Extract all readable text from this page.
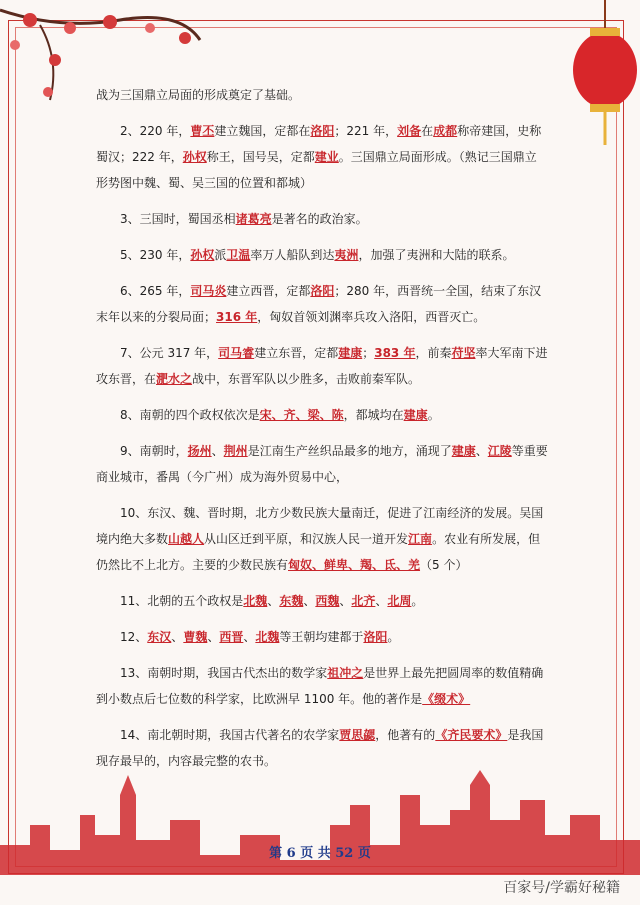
战为三国鼎立局面的形成奠定了基础。

2、220 年，曹丕建立魏国，定都在洛阳；221 年，刘备在成都称帝建国，史称蜀汉；222 年，孙权称王，国号吴，定都建业。三国鼎立局面形成。（熟记三国鼎立形势图中魏、蜀、吴三国的位置和都城）

3、三国时，蜀国丞相诸葛亮是著名的政治家。

5、230 年，孙权派卫温率万人船队到达夷洲，加强了夷洲和大陆的联系。

6、265 年，司马炎建立西晋，定都洛阳；280 年，西晋统一全国，结束了东汉末年以来的分裂局面；316 年，匈奴首领刘渊率兵攻入洛阳，西晋灭亡。

7、公元 317 年，司马睿建立东晋，定都建康；383 年，前秦苻坚率大军南下进攻东晋，在淝水之战中，东晋军队以少胜多，击败前秦军队。

8、南朝的四个政权依次是宋、齐、梁、陈，都城均在建康。

9、南朝时，扬州、荆州是江南生产丝织品最多的地方，涌现了建康、江陵等重要商业城市，番禺（今广州）成为海外贸易中心，

10、东汉、魏、晋时期，北方少数民族大量南迁，促进了江南经济的发展。吴国境内绝大多数山越人从山区迁到平原，和汉族人民一道开发江南。农业有所发展，但仍然比不上北方。主要的少数民族有匈奴、鲜卑、羯、氐、羌（5 个）

11、北朝的五个政权是北魏、东魏、西魏、北齐、北周。

12、东汉、曹魏、西晋、北魏等王朝均建都于洛阳。

13、南朝时期，我国古代杰出的数学家祖冲之是世界上最先把圆周率的数值精确到小数点后七位数的科学家，比欧洲早 1100 年。他的著作是《缀术》

14、南北朝时期，我国古代著名的农学家贾思勰，他著有的《齐民要术》是我国现存最早的，内容最完整的农书。

第 6 页 共 52 页
百家号/学霸好秘籍
